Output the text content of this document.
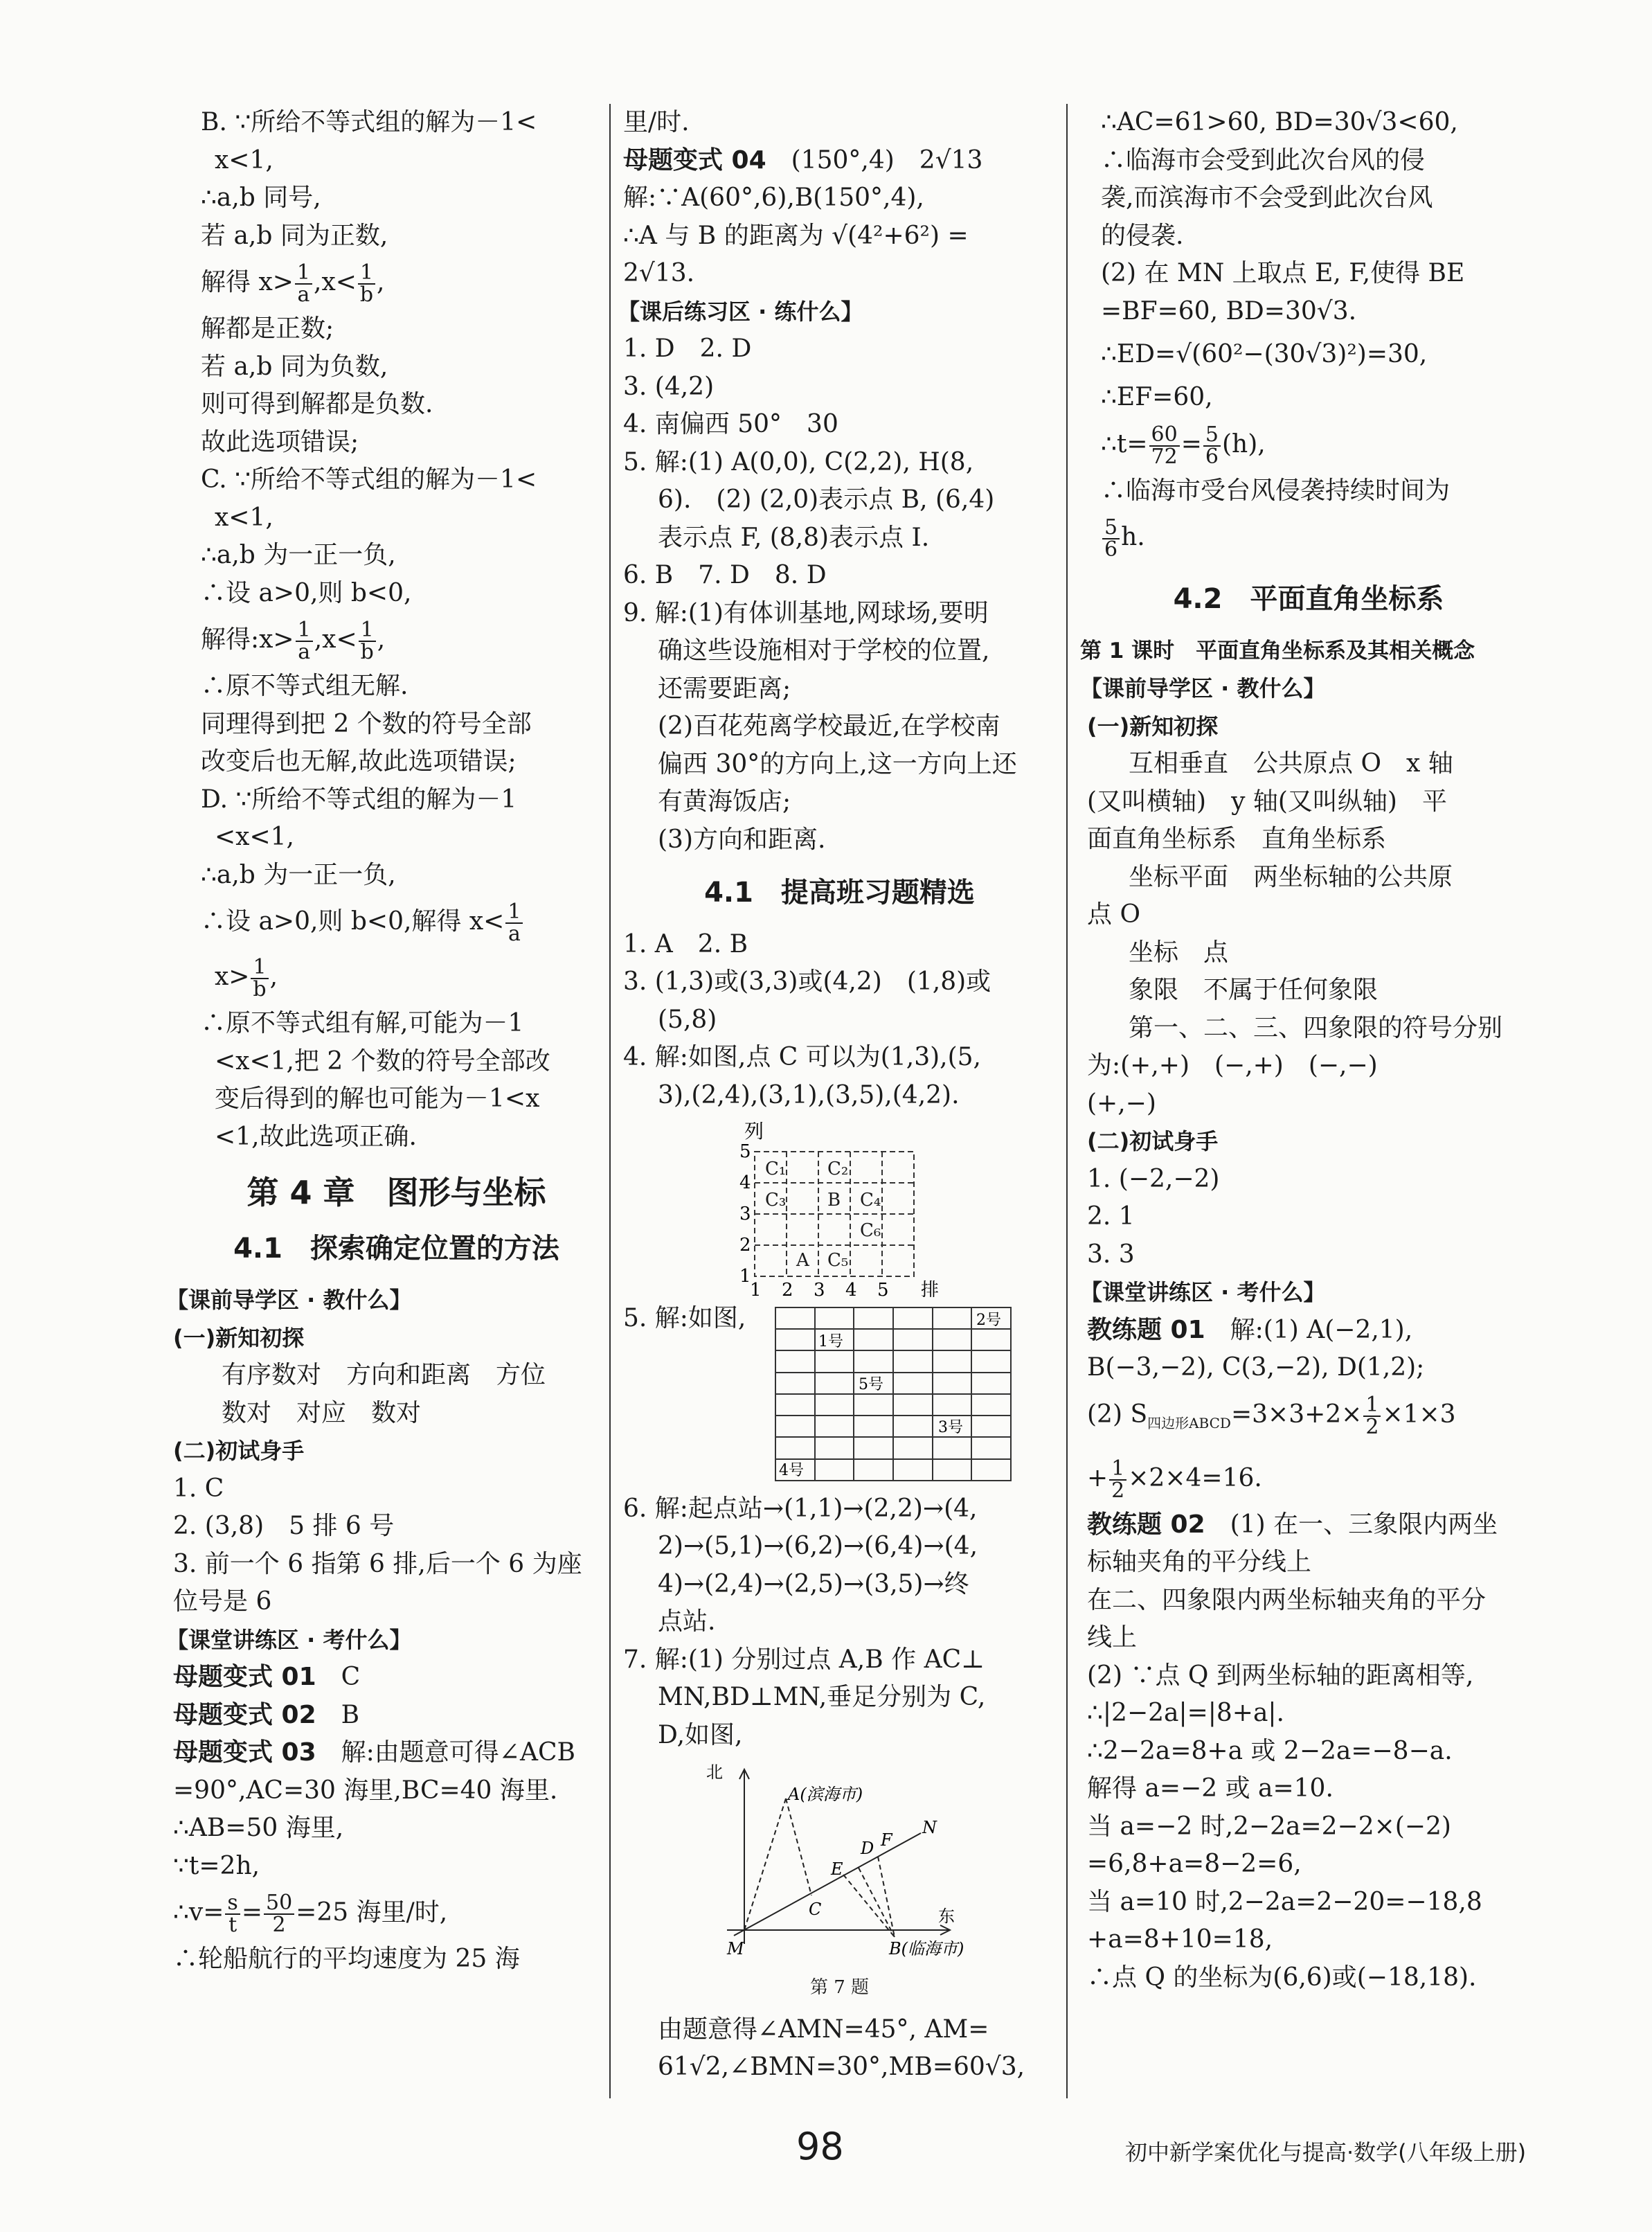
B. ∵所给不等式组的解为－1<
x<1,
∴a,b 同号,
若 a,b 同为正数,
解得 $x> \frac{1}{a} ,x< \frac{1}{b}$ ,
解都是正数;
若 a,b 同为负数,
则可得到解都是负数.
故此选项错误;
C. ∵所给不等式组的解为－1<
x<1,
∴a,b 为一正一负,
∴设 a>0,则 b<0,
解得:x> $\frac{1}{a} ,x< \frac{1}{b}$ ,
∴原不等式组无解.
同理得到把 2 个数的符号全部
改变后也无解,故此选项错误;
D. ∵所给不等式组的解为－1
<x<1,
∴a,b 为一正一负,
∴设 a>0,则 b<0,解得 $x< \frac{1}{a}$
$x> \frac{1}{b}$ ,
∴原不等式组有解,可能为－1
<x<1,把 2 个数的符号全部改
变后得到的解也可能为－1<x
<1,故此选项正确.
第 4 章　图形与坐标
4.1　探索确定位置的方法
【课前导学区 · 教什么】
(一)新知初探
有序数对　方向和距离　方位
数对　对应　数对
(二)初试身手
1. C
2. (3,8)　5 排 6 号
3. 前一个 6 指第 6 排,后一个 6 为座
位号是 6
【课堂讲练区 · 考什么】
母题变式 01　 C
母题变式 02　 B
母题变式 03　 解:由题意可得∠ACB
=90°,AC=30 海里,BC=40 海里.
∴AB=50 海里,
∵t=2h,
∴v= $\frac{s}{t} = \frac{50}{2} =25$ 海里/时,
∴轮船航行的平均速度为 25 海
里/时.
母题变式 04　 (150°,4)　2√13
解:∵A(60°,6),B(150°,4),
∴A 与 B 的距离为 √(4²+6²) =
2√13.
【课后练习区 · 练什么】
1. D　2. D
3. (4,2)
4. 南偏西 50°　30
5. 解:(1) A(0,0), C(2,2), H(8,
6).　(2) (2,0)表示点 B, (6,4)
表示点 F, (8,8)表示点 I.
6. B　7. D　8. D
9. 解:(1)有体训基地,网球场,要明
确这些设施相对于学校的位置,
还需要距离;
(2)百花苑离学校最近,在学校南
偏西 30°的方向上,这一方向上还
有黄海饭店;
(3)方向和距离.
4.1　提高班习题精选
1. A　2. B
3. (1,3)或(3,3)或(4,2)　(1,8)或
(5,8)
4. 解:如图,点 C 可以为(1,3),(5,
3),(2,4),(3,1),(3,5),(4,2).
列
C₁ C₂
C₃ B C₄
A C₅
C₆
1
2
3
4
5
1 2 3 4 5 排
5. 解:如图,
1号
2号
3号
4号
5号
6. 解:起点站→(1,1)→(2,2)→(4,
2)→(5,1)→(6,2)→(6,4)→(4,
4)→(2,4)→(2,5)→(3,5)→终
点站.
7. 解:(1) 分别过点 A,B 作 AC⊥
MN,BD⊥MN,垂足分别为 C,
D,如图,
北
东
A(滨海市)
B(临海市)
M
N
C
D
E
F
第 7 题
由题意得∠AMN=45°, AM=
61√2,∠BMN=30°,MB=60√3,
∴AC=61>60, BD=30√3<60,
∴临海市会受到此次台风的侵
袭,而滨海市不会受到此次台风
的侵袭.
(2) 在 MN 上取点 E, F,使得 BE
=BF=60, BD=30√3.
∴ED=√(60²−(30√3)²)=30,
∴EF=60,
∴t= $\frac{60}{72} = \frac{5}{6} (h)$,
∴临海市受台风侵袭持续时间为
$\frac{5}{6} h$.
4.2　平面直角坐标系
第 1 课时　平面直角坐标系及其相关概念
【课前导学区 · 教什么】
(一)新知初探
互相垂直　公共原点 O　x 轴
(又叫横轴)　y 轴(又叫纵轴)　平
面直角坐标系　直角坐标系
坐标平面　两坐标轴的公共原
点 O
坐标　点
象限　不属于任何象限
第一、二、三、四象限的符号分别
为:(+,+)　(−,+)　(−,−)
(+,−)
(二)初试身手
1. (−2,−2)
2. 1
3. 3
【课堂讲练区 · 考什么】
教练题 01　 解:(1) A(−2,1),
B(−3,−2), C(3,−2), D(1,2);
(2) $S_{四边形ABCD}=3\times 3+2\times \frac{1}{2} \times 1\times 3$
+ $\frac{1}{2} \times 2\times 4=16$.
教练题 02　 (1) 在一、三象限内两坐
标轴夹角的平分线上
在二、四象限内两坐标轴夹角的平分
线上
(2) ∵点 Q 到两坐标轴的距离相等,
∴|2−2a|=|8+a|.
∴2−2a=8+a 或 2−2a=−8−a.
解得 a=−2 或 a=10.
当 a=−2 时,2−2a=2−2×(−2)
=6,8+a=8−2=6,
当 a=10 时,2−2a=2−20=−18,8
+a=8+10=18,
∴点 Q 的坐标为(6,6)或(−18,18).
98	初中新学案优化与提高·数学(八年级上册)
